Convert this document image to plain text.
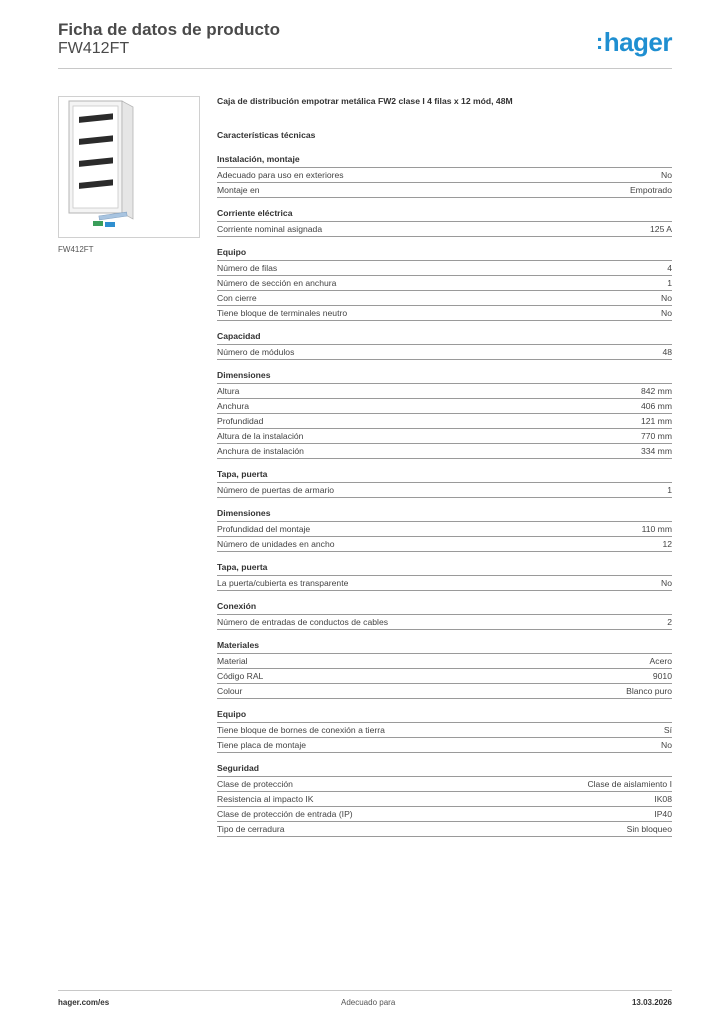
Ficha de datos de producto
FW412FT	:hager
FW412FT
Caja de distribución empotrar metálica FW2 clase I 4 filas x 12 mód, 48M
Características técnicas
Instalación, montaje
Adecuado para uso en exteriores	No
Montaje en	Empotrado
Corriente eléctrica
Corriente nominal asignada	125 A
Equipo
Número de filas	4
Número de sección en anchura	1
Con cierre	No
Tiene bloque de terminales neutro	No
Capacidad
Número de módulos	48
Dimensiones
Altura	842 mm
Anchura	406 mm
Profundidad	121 mm
Altura de la instalación	770 mm
Anchura de instalación	334 mm
Tapa, puerta
Número de puertas de armario	1
Dimensiones
Profundidad del montaje	110 mm
Número de unidades en ancho	12
Tapa, puerta
La puerta/cubierta es transparente	No
Conexión
Número de entradas de conductos de cables	2
Materiales
Material	Acero
Código RAL	9010
Colour	Blanco puro
Equipo
Tiene bloque de bornes de conexión a tierra	Sí
Tiene placa de montaje	No
Seguridad
Clase de protección	Clase de aislamiento I
Resistencia al impacto IK	IK08
Clase de protección de entrada (IP)	IP40
Tipo de cerradura	Sin bloqueo
hager.com/es	Adecuado para	13.03.2026
